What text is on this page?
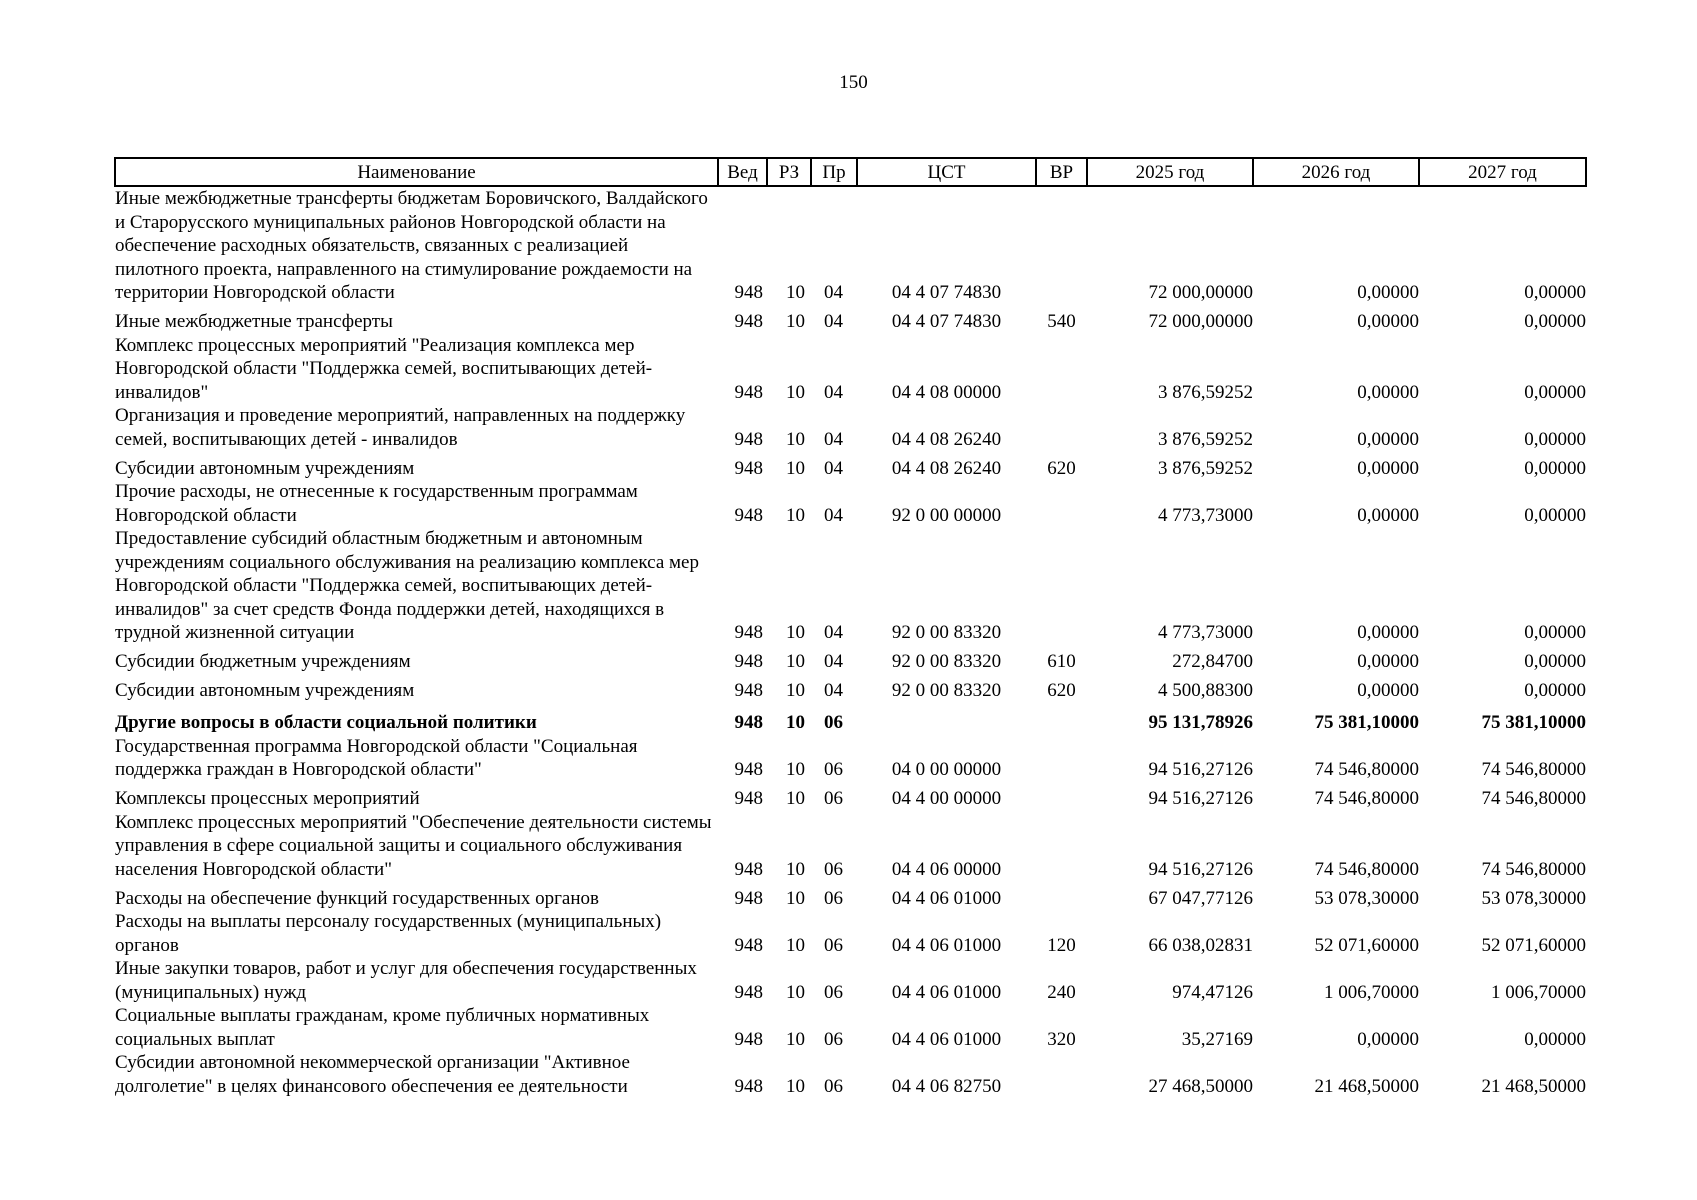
150
Наименование	Вед	РЗ	Пр	ЦСТ	ВР	2025 год	2026 год	2027 год
Иные межбюджетные трансферты бюджетам Боровичского, Валдайского и Старорусского муниципальных районов Новгородской области на обеспечение расходных обязательств, связанных с реализацией пилотного проекта, направленного на стимулирование рождаемости на территории Новгородской области	948	10	04	04 4 07 74830		72 000,00000	0,00000	0,00000
Иные межбюджетные трансферты	948	10	04	04 4 07 74830	540	72 000,00000	0,00000	0,00000
Комплекс процессных мероприятий "Реализация комплекса мер Новгородской области "Поддержка семей, воспитывающих детей-инвалидов"	948	10	04	04 4 08 00000		3 876,59252	0,00000	0,00000
Организация и проведение мероприятий, направленных на поддержку семей, воспитывающих детей - инвалидов	948	10	04	04 4 08 26240		3 876,59252	0,00000	0,00000
Субсидии автономным учреждениям	948	10	04	04 4 08 26240	620	3 876,59252	0,00000	0,00000
Прочие расходы, не отнесенные к государственным программам Новгородской области	948	10	04	92 0 00 00000		4 773,73000	0,00000	0,00000
Предоставление субсидий областным бюджетным и автономным учреждениям социального обслуживания на реализацию комплекса мер Новгородской области "Поддержка семей, воспитывающих детей-инвалидов" за счет средств Фонда поддержки детей, находящихся в трудной жизненной ситуации	948	10	04	92 0 00 83320		4 773,73000	0,00000	0,00000
Субсидии бюджетным учреждениям	948	10	04	92 0 00 83320	610	272,84700	0,00000	0,00000
Субсидии автономным учреждениям	948	10	04	92 0 00 83320	620	4 500,88300	0,00000	0,00000
Другие вопросы в области социальной политики	948	10	06			95 131,78926	75 381,10000	75 381,10000
Государственная программа Новгородской области "Социальная поддержка граждан в Новгородской области"	948	10	06	04 0 00 00000		94 516,27126	74 546,80000	74 546,80000
Комплексы процессных мероприятий	948	10	06	04 4 00 00000		94 516,27126	74 546,80000	74 546,80000
Комплекс процессных мероприятий "Обеспечение деятельности системы управления в сфере социальной защиты и социального обслуживания населения Новгородской области"	948	10	06	04 4 06 00000		94 516,27126	74 546,80000	74 546,80000
Расходы на обеспечение функций государственных органов	948	10	06	04 4 06 01000		67 047,77126	53 078,30000	53 078,30000
Расходы на выплаты персоналу государственных (муниципальных) органов	948	10	06	04 4 06 01000	120	66 038,02831	52 071,60000	52 071,60000
Иные закупки товаров, работ и услуг для обеспечения государственных (муниципальных) нужд	948	10	06	04 4 06 01000	240	974,47126	1 006,70000	1 006,70000
Социальные выплаты гражданам, кроме публичных нормативных социальных выплат	948	10	06	04 4 06 01000	320	35,27169	0,00000	0,00000
Субсидии автономной некоммерческой организации "Активное долголетие" в целях финансового обеспечения ее деятельности	948	10	06	04 4 06 82750		27 468,50000	21 468,50000	21 468,50000
